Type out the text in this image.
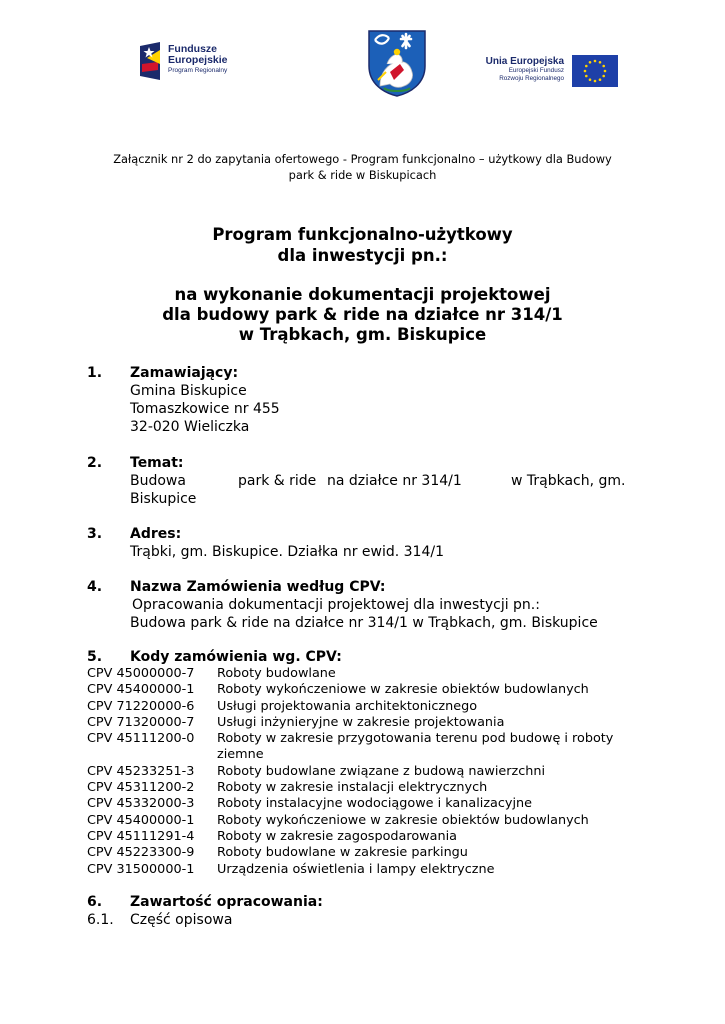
Fundusze
Europejskie
Program Regionalny
Unia Europejska
Europejski Fundusz
Rozwoju Regionalnego
Załącznik nr 2 do zapytania ofertowego - Program funkcjonalno – użytkowy dla Budowy
park & ride w Biskupicach
Program funkcjonalno-użytkowy
dla inwestycji pn.:
na wykonanie dokumentacji projektowej
dla budowy park & ride na działce nr 314/1
w Trąbkach, gm. Biskupice
1. Zamawiający:
Gmina Biskupice
Tomaszkowice nr 455
32-020 Wieliczka
2. Temat:
Budowa	park & ride na działce nr 314/1	w Trąbkach, gm.
Biskupice
3. Adres:
Trąbki, gm. Biskupice. Działka nr ewid. 314/1
4. Nazwa Zamówienia według CPV:
Opracowania dokumentacji projektowej dla inwestycji pn.:
Budowa park & ride na działce nr 314/1 w Trąbkach, gm. Biskupice
5. Kody zamówienia wg. CPV:
CPV 45000000-7	Roboty budowlane
CPV 45400000-1	Roboty wykończeniowe w zakresie obiektów budowlanych
CPV 71220000-6	Usługi projektowania architektonicznego
CPV 71320000-7	Usługi inżynieryjne w zakresie projektowania
CPV 45111200-0	Roboty w zakresie przygotowania terenu pod budowę i roboty ziemne
CPV 45233251-3	Roboty budowlane związane z budową nawierzchni
CPV 45311200-2	Roboty w zakresie instalacji elektrycznych
CPV 45332000-3	Roboty instalacyjne wodociągowe i kanalizacyjne
CPV 45400000-1	Roboty wykończeniowe w zakresie obiektów budowlanych
CPV 45111291-4	Roboty w zakresie zagospodarowania
CPV 45223300-9	Roboty budowlane w zakresie parkingu
CPV 31500000-1	Urządzenia oświetlenia i lampy elektryczne
6. Zawartość opracowania:
6.1. Część opisowa
